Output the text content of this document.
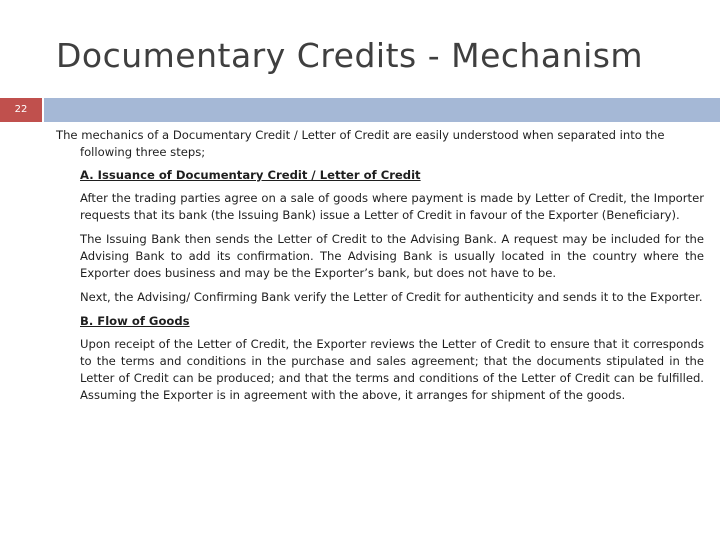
Documentary Credits - Mechanism
22

The mechanics of a Documentary Credit / Letter of Credit are easily understood when separated into the following three steps;

A. Issuance of Documentary Credit / Letter of Credit

After the trading parties agree on a sale of goods where payment is made by Letter of Credit, the Importer requests that its bank (the Issuing Bank) issue a Letter of Credit in favour of the Exporter (Beneficiary).

The Issuing Bank then sends the Letter of Credit to the Advising Bank. A request may be included for the Advising Bank to add its confirmation. The Advising Bank is usually located in the country where the Exporter does business and may be the Exporter’s bank, but does not have to be.

Next, the Advising/ Confirming Bank verify the Letter of Credit for authenticity and sends it to the Exporter.

B. Flow of Goods

Upon receipt of the Letter of Credit, the Exporter reviews the Letter of Credit to ensure that it corresponds to the terms and conditions in the purchase and sales agreement; that the documents stipulated in the Letter of Credit can be produced; and that the terms and conditions of the Letter of Credit can be fulfilled. Assuming the Exporter is in agreement with the above, it arranges for shipment of the goods.
